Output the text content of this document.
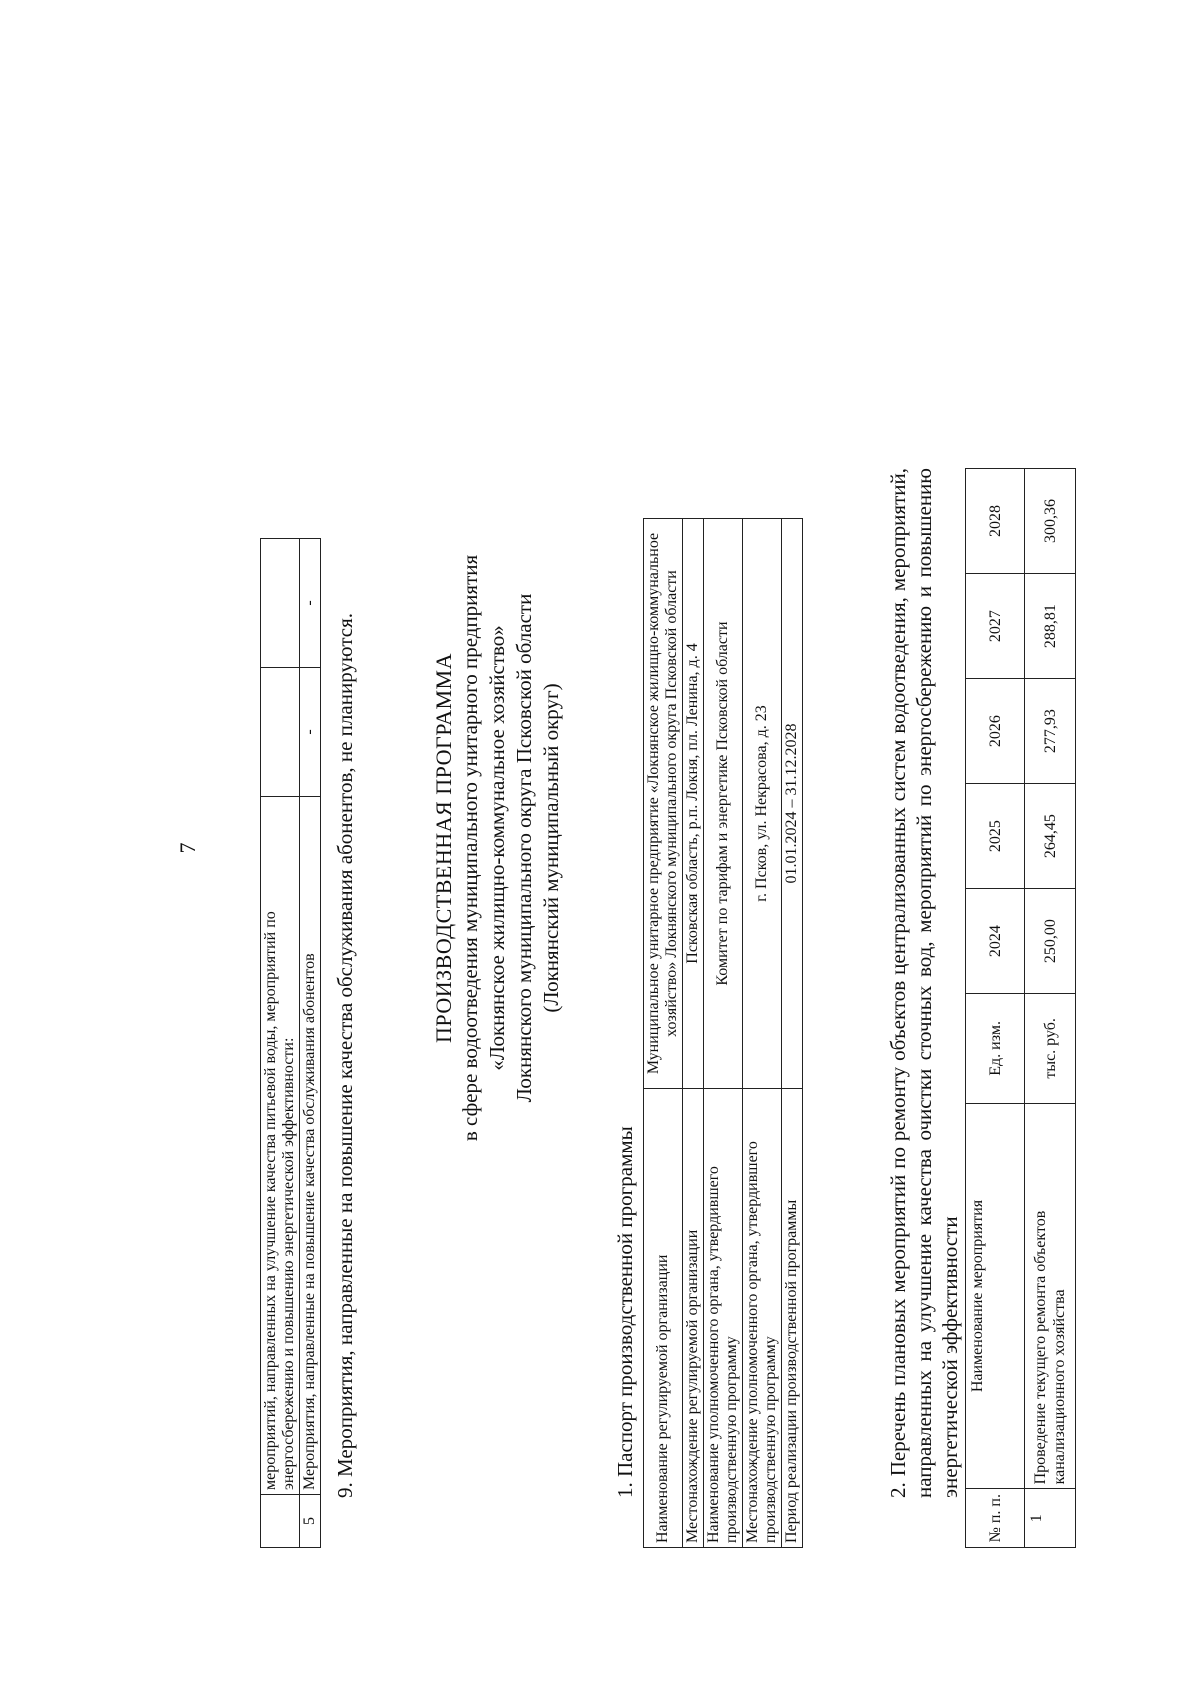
7
	мероприятий, направленных на улучшение качества питьевой воды, мероприятий по энергосбережению и повышению энергетической эффективности:		
5	Мероприятия, направленные на повышение качества обслуживания абонентов	-	-
9. Мероприятия, направленные на повышение качества обслуживания абонентов, не планируются.	ПРОИЗВОДСТВЕННАЯ ПРОГРАММА в сфере водоотведения муниципального унитарного предприятия «Локнянское жилищно-коммунальное хозяйство» Локнянского муниципального округа Псковской области (Локнянский муниципальный округ)
1. Паспорт производственной программы Наименование регулируемой организации	Муниципальное унитарное предприятие «Локнянское жилищно-коммунальное хозяйство» Локнянского муниципального округа Псковской области
Местонахождение регулируемой организации	Псковская область, р.п. Локня, пл. Ленина, д. 4
Наименование уполномоченного органа, утвердившего производственную программу	Комитет по тарифам и энергетике Псковской области
Местонахождение уполномоченного органа, утвердившего производственную программу	г. Псков, ул. Некрасова, д. 23
Период реализации производственной программы	01.01.2024 – 31.12.2028	2. Перечень плановых мероприятий по ремонту объектов централизованных систем водоотведения, мероприятий, направленных на улучшение качества очистки сточных вод, мероприятий по энергосбережению и повышению энергетической эффективности
№ п. п.	Наименование мероприятия	Ед. изм.	2024	2025	2026	2027	2028
1	Проведение текущего ремонта объектов канализационного хозяйства	тыс. руб.	250,00	264,45	277,93	288,81	300,36
